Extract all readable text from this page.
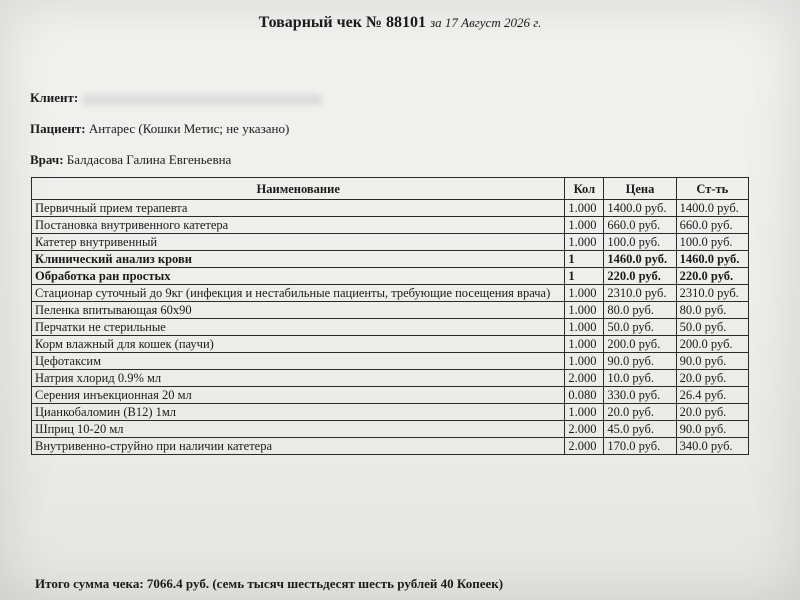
Товарный чек № 88101 за 17 Август 2026 г.
Клиент:
Пациент: Антарес (Кошки Метис; не указано)
Врач: Балдасова Галина Евгеньевна
Наименование	Кол	Цена	Ст-ть
Первичный прием терапевта	1.000	1400.0 руб.	1400.0 руб.
Постановка внутривенного катетера	1.000	660.0 руб.	660.0 руб.
Катетер внутривенный	1.000	100.0 руб.	100.0 руб.
Клинический анализ крови	1	1460.0 руб.	1460.0 руб.
Обработка ран простых	1	220.0 руб.	220.0 руб.
Стационар суточный до 9кг (инфекция и нестабильные пациенты, требующие посещения врача)	1.000	2310.0 руб.	2310.0 руб.
Пеленка впитывающая 60х90	1.000	80.0 руб.	80.0 руб.
Перчатки не стерильные	1.000	50.0 руб.	50.0 руб.
Корм влажный для кошек (паучи)	1.000	200.0 руб.	200.0 руб.
Цефотаксим	1.000	90.0 руб.	90.0 руб.
Натрия хлорид 0.9% мл	2.000	10.0 руб.	20.0 руб.
Серения инъекционная 20 мл	0.080	330.0 руб.	26.4 руб.
Цианкобаломин (В12) 1мл	1.000	20.0 руб.	20.0 руб.
Шприц 10-20 мл	2.000	45.0 руб.	90.0 руб.
Внутривенно-струйно при наличии катетера	2.000	170.0 руб.	340.0 руб.
Итого сумма чека: 7066.4 руб. (семь тысяч шестьдесят шесть рублей 40 Копеек)
